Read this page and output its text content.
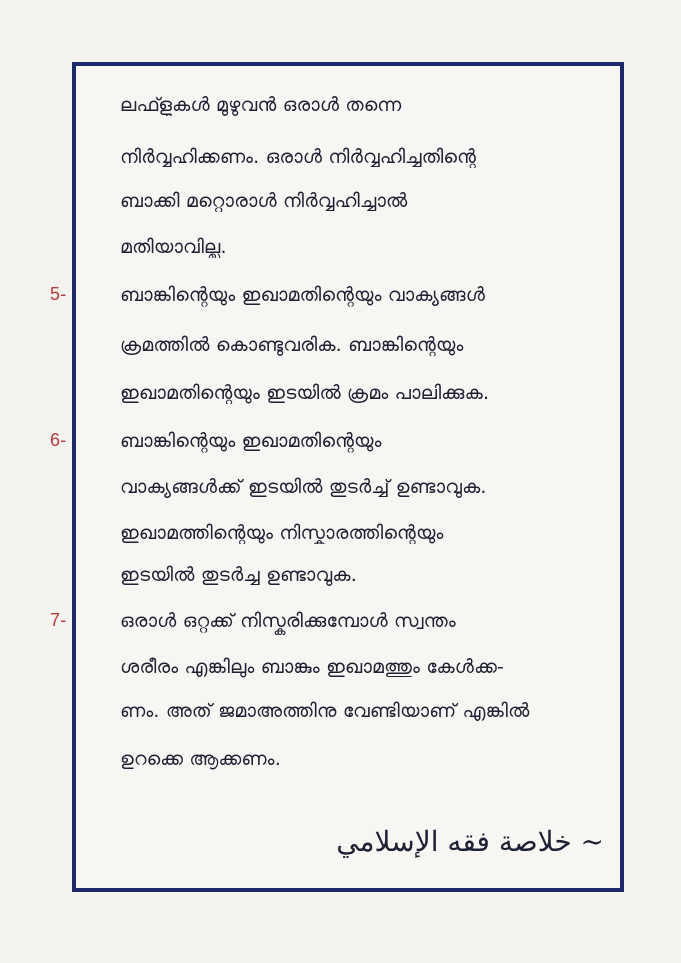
ലഫ്ളുകൾ മുഴുവൻ ഒരാൾ തന്നെ
നിർവ്വഹിക്കണം. ഒരാൾ നിർവ്വഹിച്ചതിന്റെ
ബാക്കി മറ്റൊരാൾ നിർവ്വഹിച്ചാൽ
മതിയാവില്ല.
5-	ബാങ്കിന്റെയും ഇഖാമതിന്റെയും വാക്യങ്ങൾ
ക്രമത്തിൽ കൊണ്ടുവരിക. ബാങ്കിന്റെയും
ഇഖാമതിന്റെയും ഇടയിൽ ക്രമം പാലിക്കുക.
6-	ബാങ്കിന്റെയും ഇഖാമതിന്റെയും
വാക്യങ്ങൾക്ക് ഇടയിൽ തുടർച്ച് ഉണ്ടാവുക.
ഇഖാമത്തിന്റെയും നിസ്കാരത്തിന്റെയും
ഇടയിൽ തുടർച്ച ഉണ്ടാവുക.
7-	ഒരാൾ ഒറ്റക്ക് നിസ്കരിക്കുമ്പോൾ സ്വന്തം
ശരീരം എങ്കിലും ബാങ്കും ഇഖാമത്തും കേൾക്ക-
ണം. അത് ജമാഅത്തിനു വേണ്ടിയാണ് എങ്കിൽ
ഉറക്കെ ആക്കണം.
~ خلاصة فقه الإسلامي
